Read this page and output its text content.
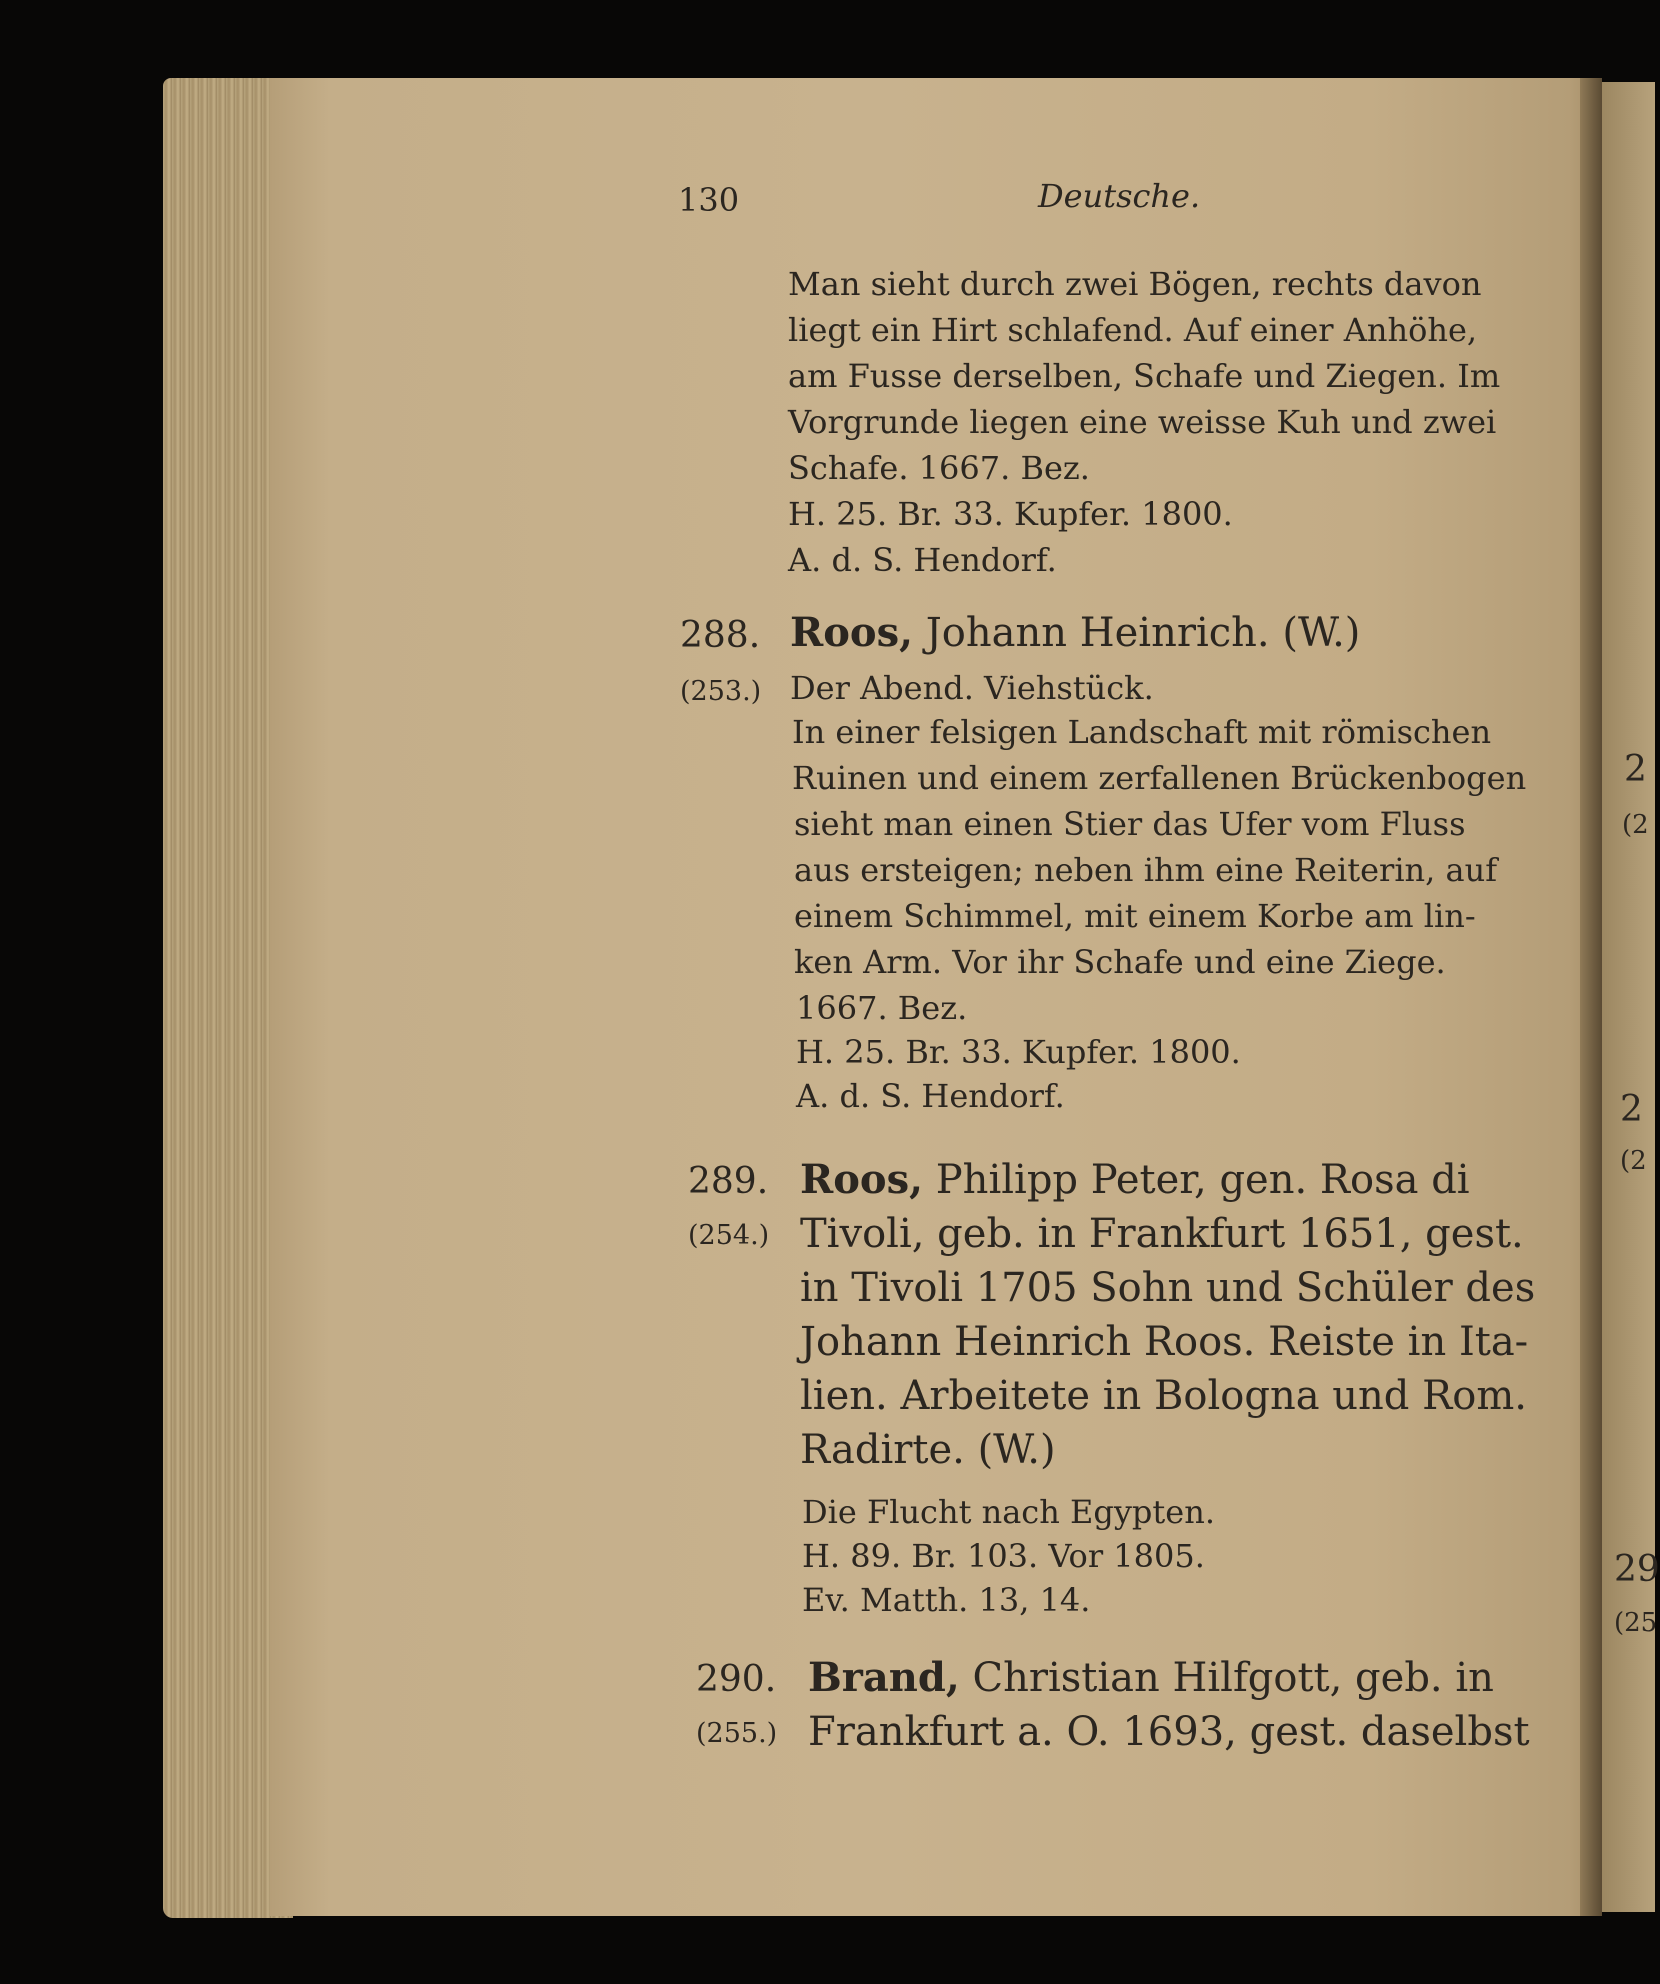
130	Deutsche.
Man sieht durch zwei Bögen, rechts davon
liegt ein Hirt schlafend. Auf einer Anhöhe,
am Fusse derselben, Schafe und Ziegen. Im
Vorgrunde liegen eine weisse Kuh und zwei
Schafe. 1667. Bez.
H. 25. Br. 33. Kupfer. 1800.
A. d. S. Hendorf.
288.
(253.)
Roos, Johann Heinrich. (W.)
Der Abend. Viehstück.
In einer felsigen Landschaft mit römischen
Ruinen und einem zerfallenen Brückenbogen
sieht man einen Stier das Ufer vom Fluss
aus ersteigen; neben ihm eine Reiterin, auf
einem Schimmel, mit einem Korbe am lin-
ken Arm. Vor ihr Schafe und eine Ziege.
1667. Bez.
H. 25. Br. 33. Kupfer. 1800.
A. d. S. Hendorf.
289.
(254.)
Roos, Philipp Peter, gen. Rosa di
Tivoli, geb. in Frankfurt 1651, gest.
in Tivoli 1705 Sohn und Schüler des
Johann Heinrich Roos. Reiste in Ita-
lien. Arbeitete in Bologna und Rom.
Radirte. (W.)
Die Flucht nach Egypten.
H. 89. Br. 103. Vor 1805.
Ev. Matth. 13, 14.
290.
(255.)
Brand, Christian Hilfgott, geb. in
Frankfurt a. O. 1693, gest. daselbst
2
(2
2
(2
29
(25
